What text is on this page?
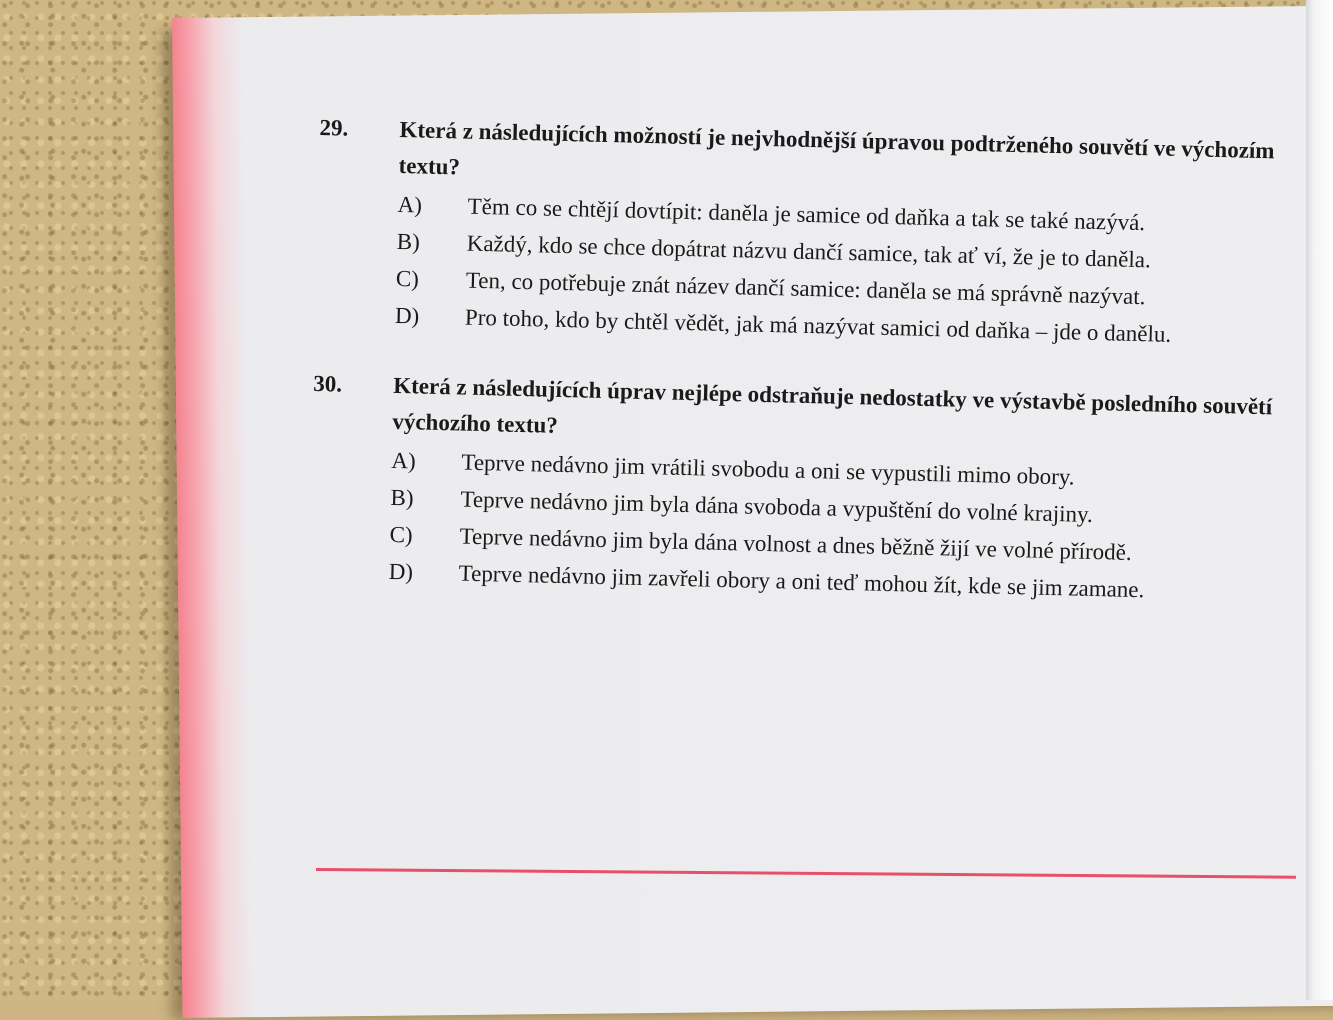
29.	Která z následujících možností je nejvhodnější úpravou podtrženého souvětí ve výchozím textu?
A)	Těm co se chtějí dovtípit: daněla je samice od daňka a tak se také nazývá.
B)	Každý, kdo se chce dopátrat názvu dančí samice, tak ať ví, že je to daněla.
C)	Ten, co potřebuje znát název dančí samice: daněla se má správně nazývat.
D)	Pro toho, kdo by chtěl vědět, jak má nazývat samici od daňka – jde o danělu.
30.	Která z následujících úprav nejlépe odstraňuje nedostatky ve výstavbě posledního souvětí výchozího textu?
A)	Teprve nedávno jim vrátili svobodu a oni se vypustili mimo obory.
B)	Teprve nedávno jim byla dána svoboda a vypuštění do volné krajiny.
C)	Teprve nedávno jim byla dána volnost a dnes běžně žijí ve volné přírodě.
D)	Teprve nedávno jim zavřeli obory a oni teď mohou žít, kde se jim zamane.
